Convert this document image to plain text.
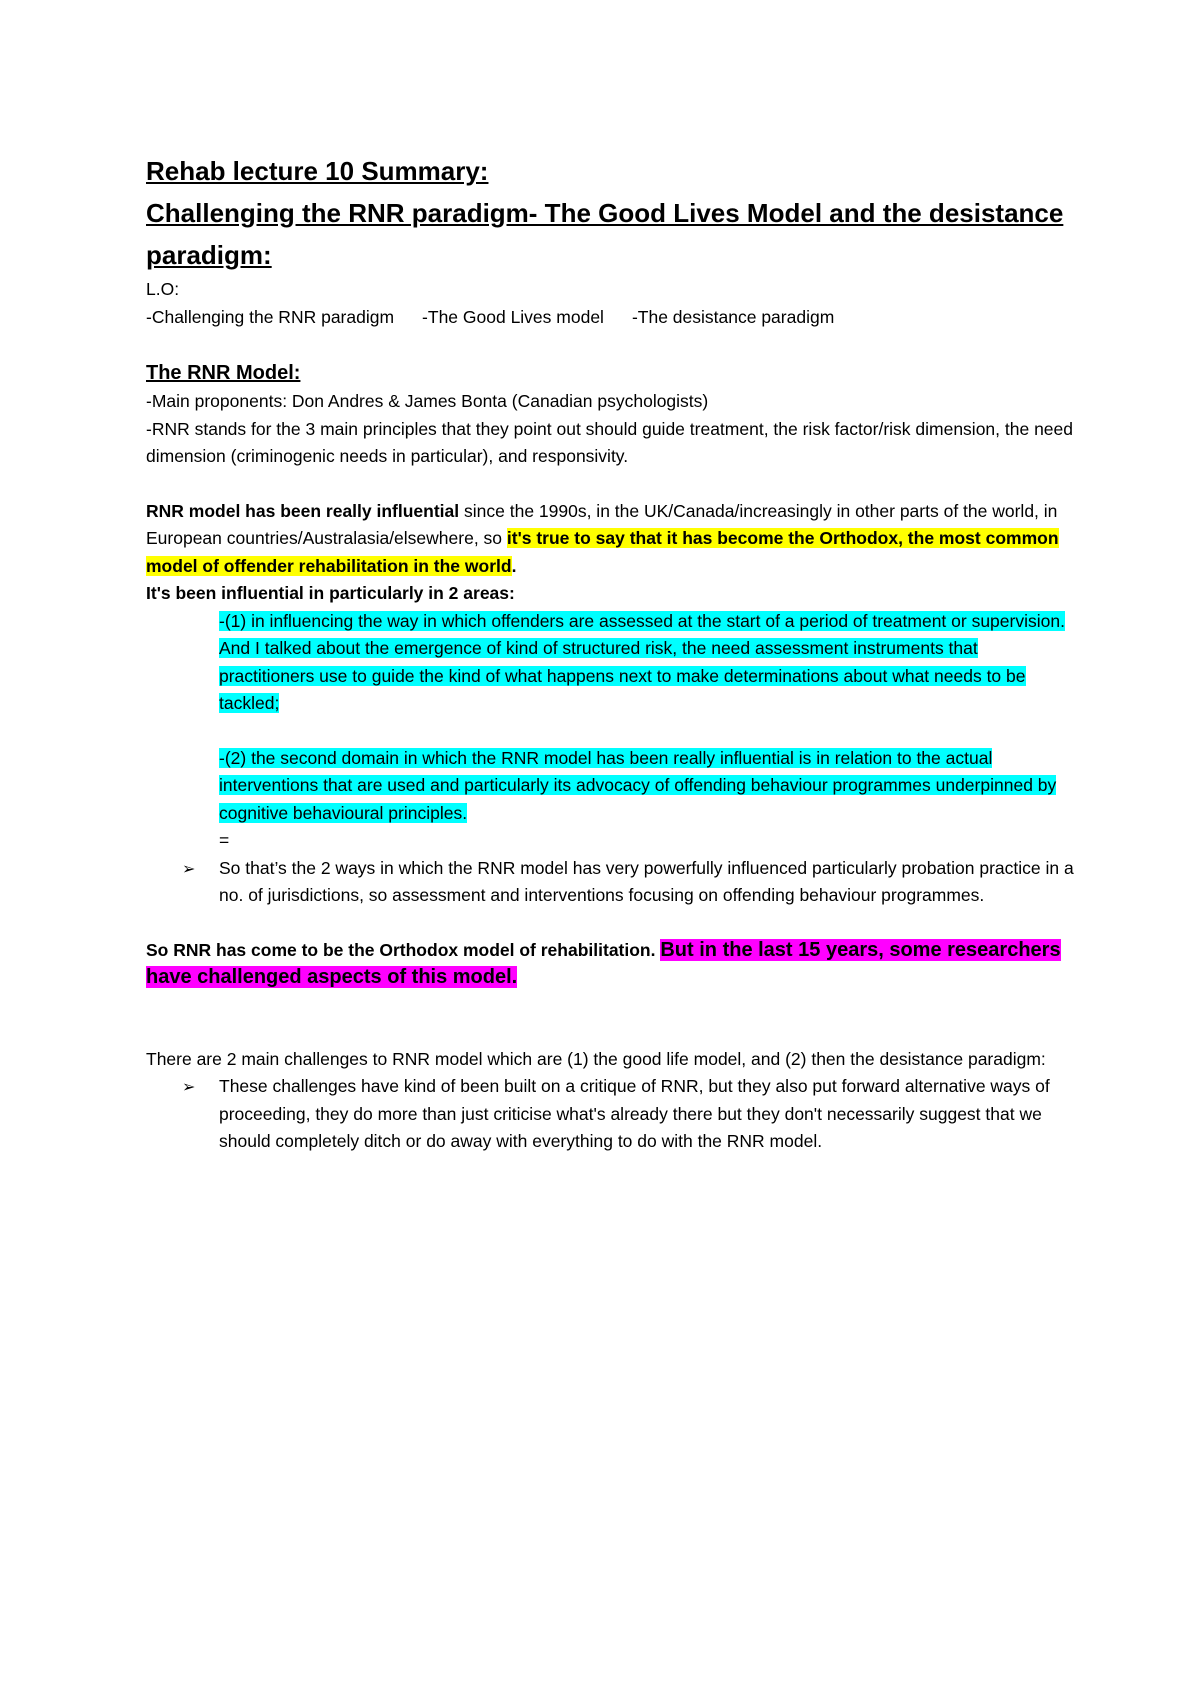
Rehab lecture 10 Summary:
Challenging the RNR paradigm- The Good Lives Model and the desistance paradigm:

L.O:

-Challenging the RNR paradigm -The Good Lives model -The desistance paradigm

The RNR Model:

-Main proponents: Don Andres & James Bonta (Canadian psychologists)

-RNR stands for the 3 main principles that they point out should guide treatment, the risk factor/risk dimension, the need dimension (criminogenic needs in particular), and responsivity.

RNR model has been really influential since the 1990s, in the UK/Canada/increasingly in other parts of the world, in European countries/Australasia/elsewhere, so it's true to say that it has become the Orthodox, the most common model of offender rehabilitation in the world.

It's been influential in particularly in 2 areas:

-(1) in influencing the way in which offenders are assessed at the start of a period of treatment or supervision. And I talked about the emergence of kind of structured risk, the need assessment instruments that practitioners use to guide the kind of what happens next to make determinations about what needs to be tackled;

-(2) the second domain in which the RNR model has been really influential is in relation to the actual interventions that are used and particularly its advocacy of offending behaviour programmes underpinned by cognitive behavioural principles.

=

➢ So that’s the 2 ways in which the RNR model has very powerfully influenced particularly probation practice in a no. of jurisdictions, so assessment and interventions focusing on offending behaviour programmes.

So RNR has come to be the Orthodox model of rehabilitation. But in the last 15 years, some researchers have challenged aspects of this model.

There are 2 main challenges to RNR model which are (1) the good life model, and (2) then the desistance paradigm:

➢ These challenges have kind of been built on a critique of RNR, but they also put forward alternative ways of proceeding, they do more than just criticise what's already there but they don't necessarily suggest that we should completely ditch or do away with everything to do with the RNR model.
